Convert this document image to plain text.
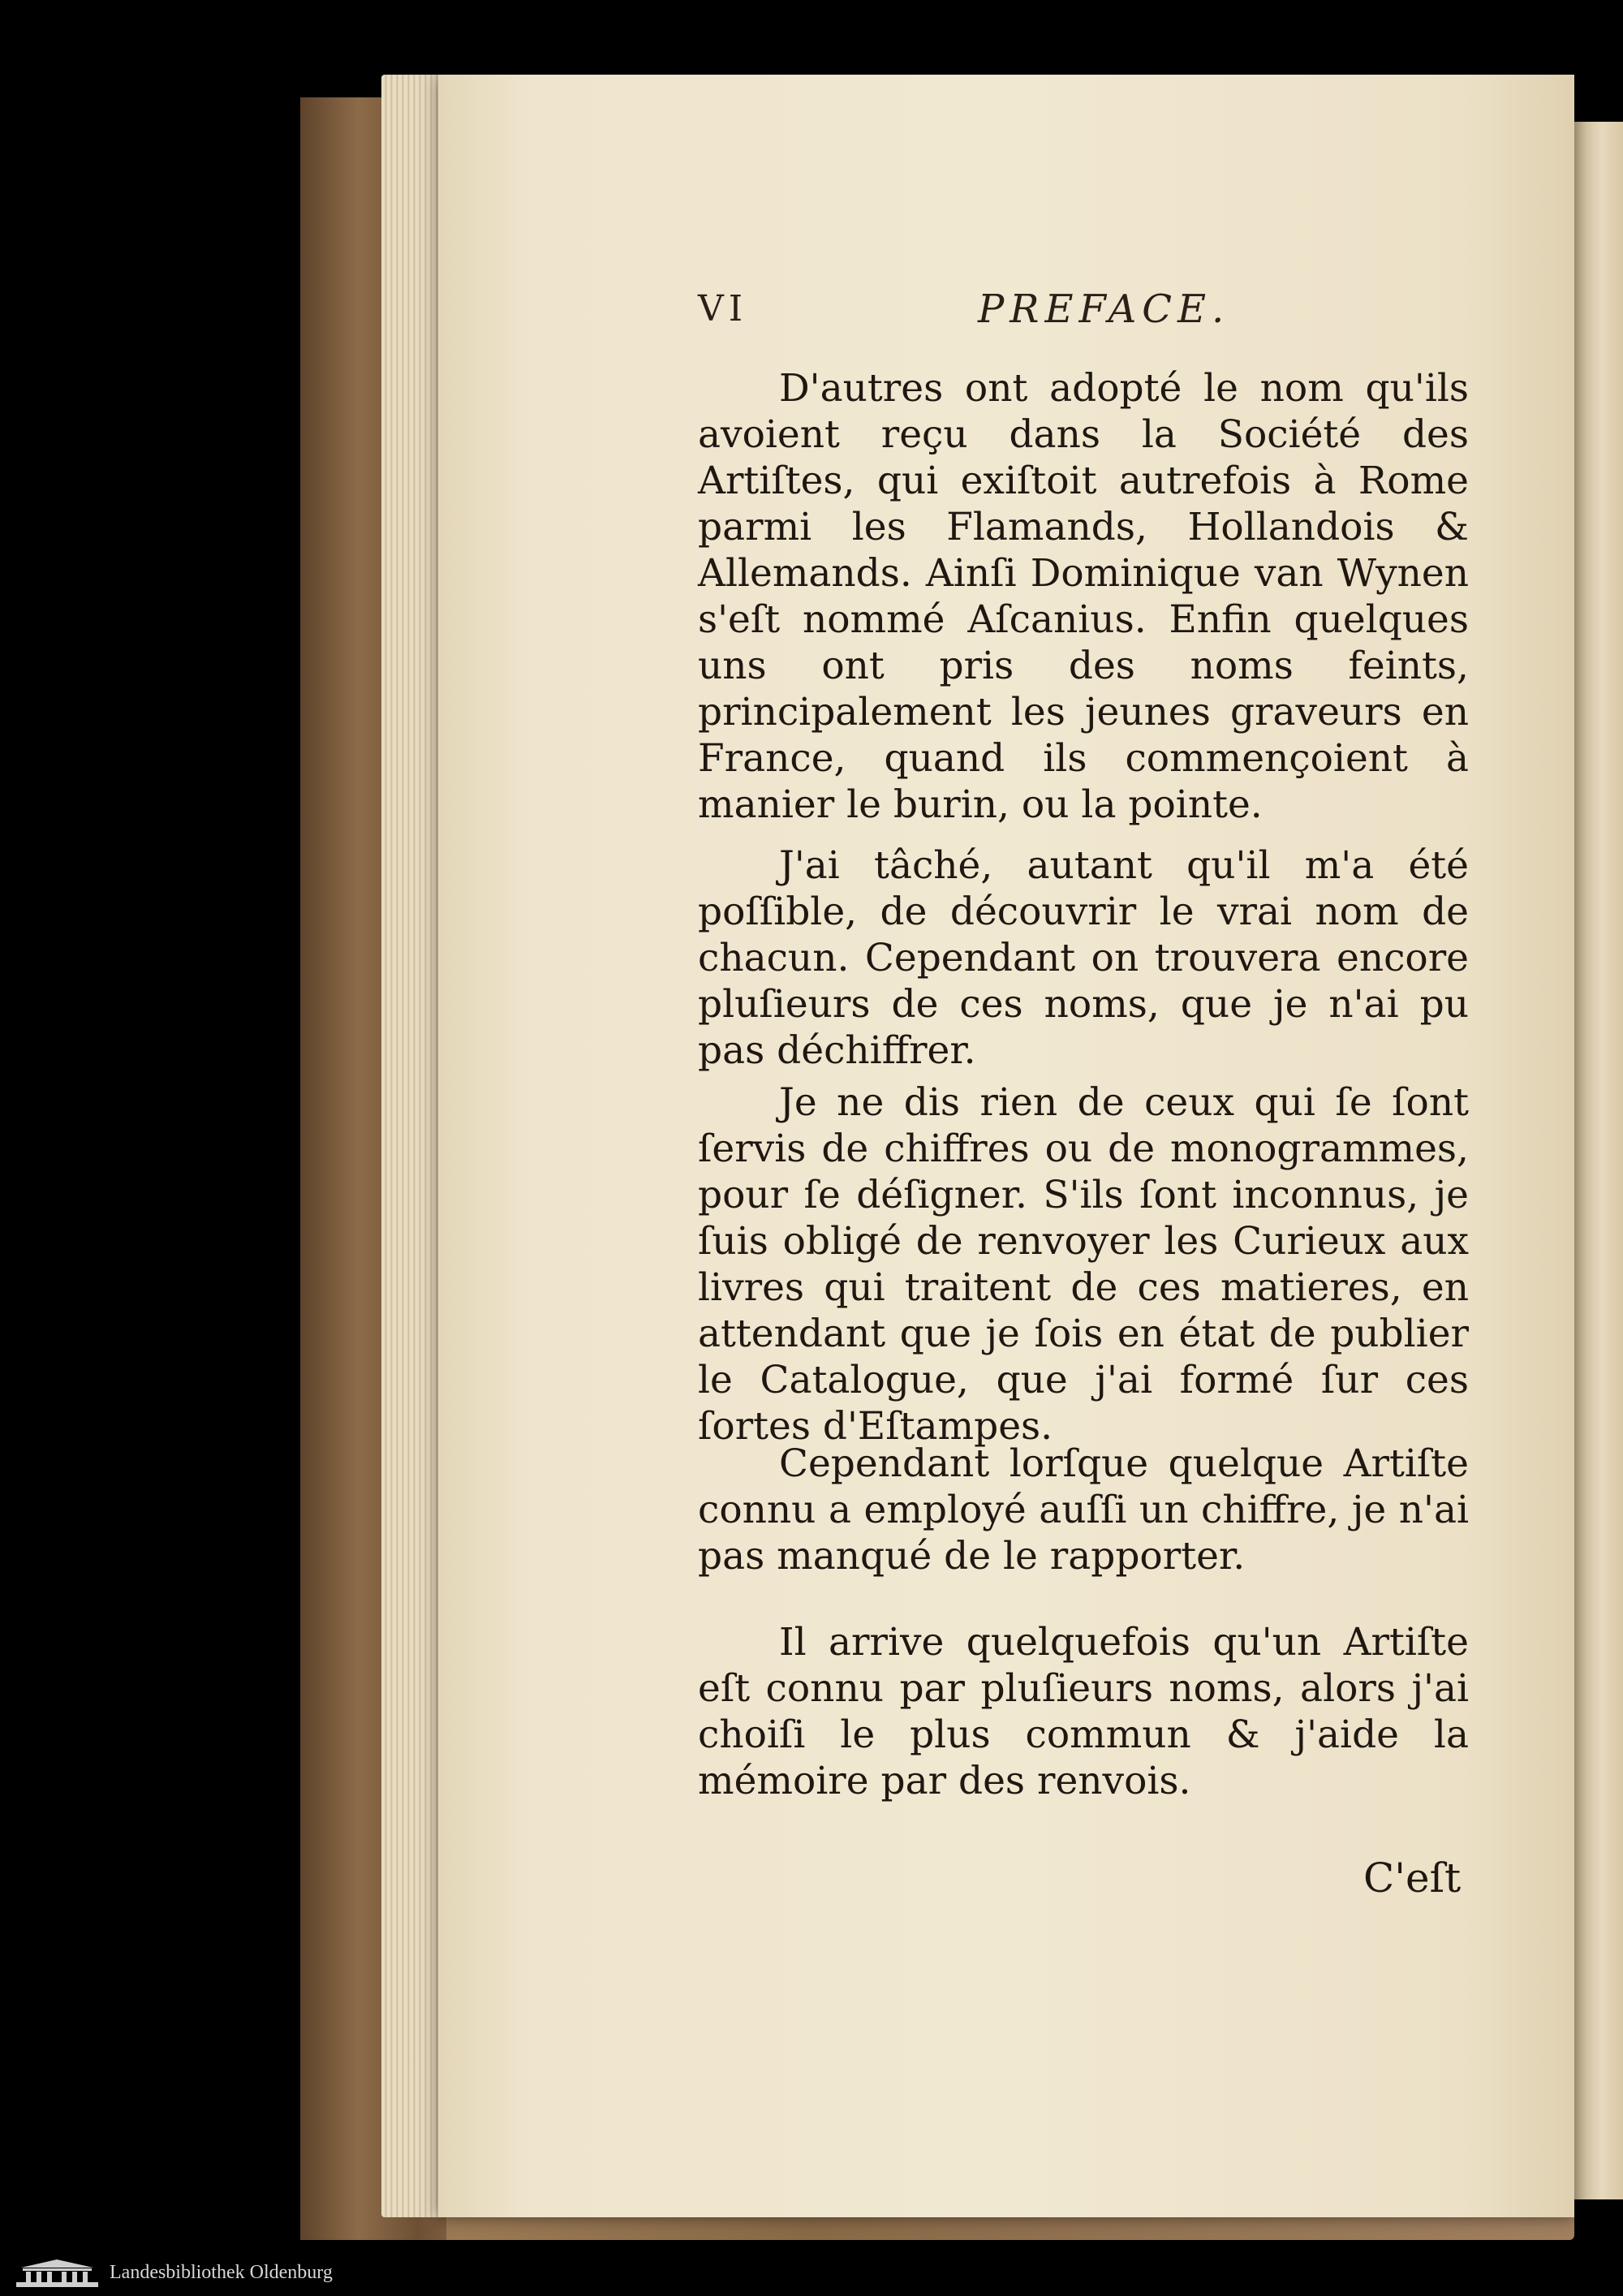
VI	PREFACE.

D'autres ont adopté le nom qu'ils avoient reçu dans la Société des Artiſtes, qui exiſtoit autrefois à Rome parmi les Flamands, Hollandois & Allemands. Ainſi Dominique van Wynen s'eſt nommé Aſcanius. Enfin quelques uns ont pris des noms feints, principalement les jeunes graveurs en France, quand ils commençoient à manier le burin, ou la pointe.

J'ai tâché, autant qu'il m'a été poſſible, de découvrir le vrai nom de chacun. Cependant on trouvera encore pluſieurs de ces noms, que je n'ai pu pas déchiffrer.

Je ne dis rien de ceux qui ſe ſont ſervis de chiffres ou de monogrammes, pour ſe déſigner. S'ils ſont inconnus, je ſuis obligé de renvoyer les Curieux aux livres qui traitent de ces matieres, en attendant que je ſois en état de publier le Catalogue, que j'ai formé ſur ces ſortes d'Eſtampes.

Cependant lorſque quelque Artiſte connu a employé auſſi un chiffre, je n'ai pas manqué de le rapporter.

Il arrive quelquefois qu'un Artiſte eſt connu par pluſieurs noms, alors j'ai choiſi le plus commun & j'aide la mémoire par des renvois.

C'eſt
Landesbibliothek Oldenburg
